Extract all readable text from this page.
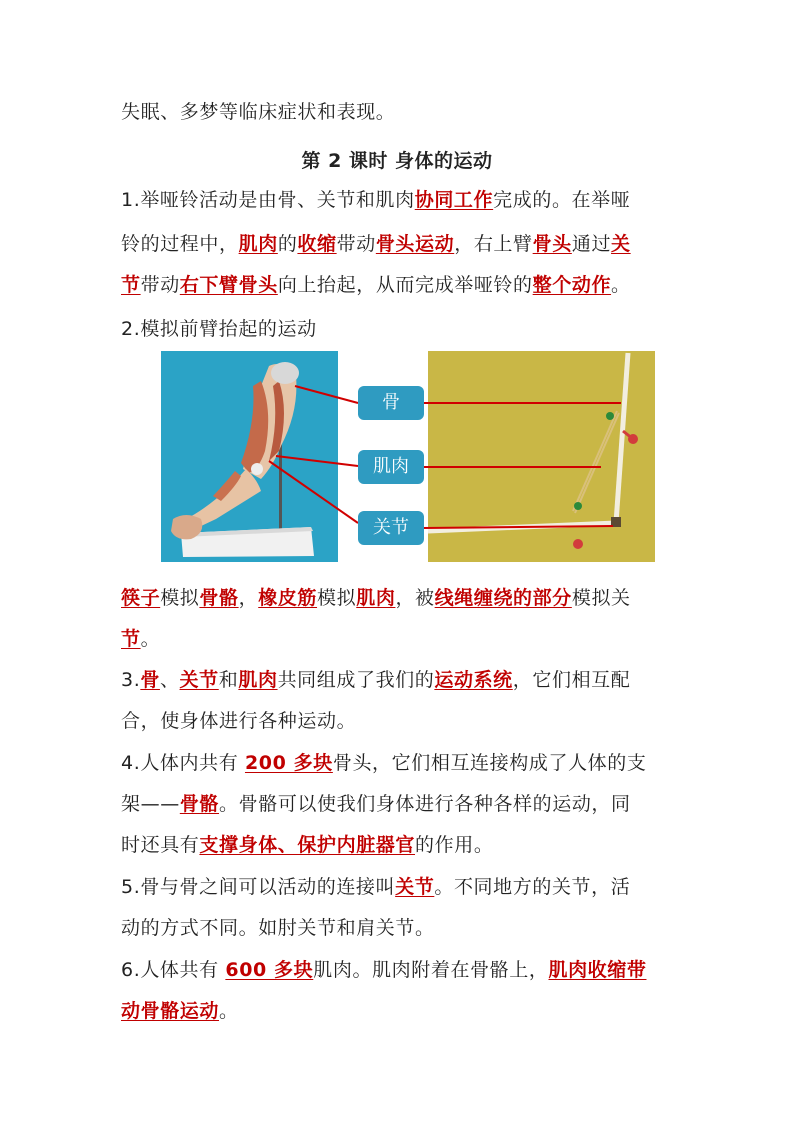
失眠、多梦等临床症状和表现。
第 2 课时 身体的运动
1.举哑铃活动是由骨、关节和肌肉协同工作完成的。在举哑
铃的过程中，肌肉的收缩带动骨头运动，右上臂骨头通过关
节带动右下臂骨头向上抬起，从而完成举哑铃的整个动作。
2.模拟前臂抬起的运动
骨
肌肉
关节
筷子模拟骨骼，橡皮筋模拟肌肉，被线绳缠绕的部分模拟关
节。
3.骨、关节和肌肉共同组成了我们的运动系统，它们相互配
合，使身体进行各种运动。
4.人体内共有 200 多块骨头，它们相互连接构成了人体的支
架——骨骼。骨骼可以使我们身体进行各种各样的运动，同
时还具有支撑身体、保护内脏器官的作用。
5.骨与骨之间可以活动的连接叫关节。不同地方的关节，活
动的方式不同。如肘关节和肩关节。
6.人体共有 600 多块肌肉。肌肉附着在骨骼上，肌肉收缩带
动骨骼运动。
